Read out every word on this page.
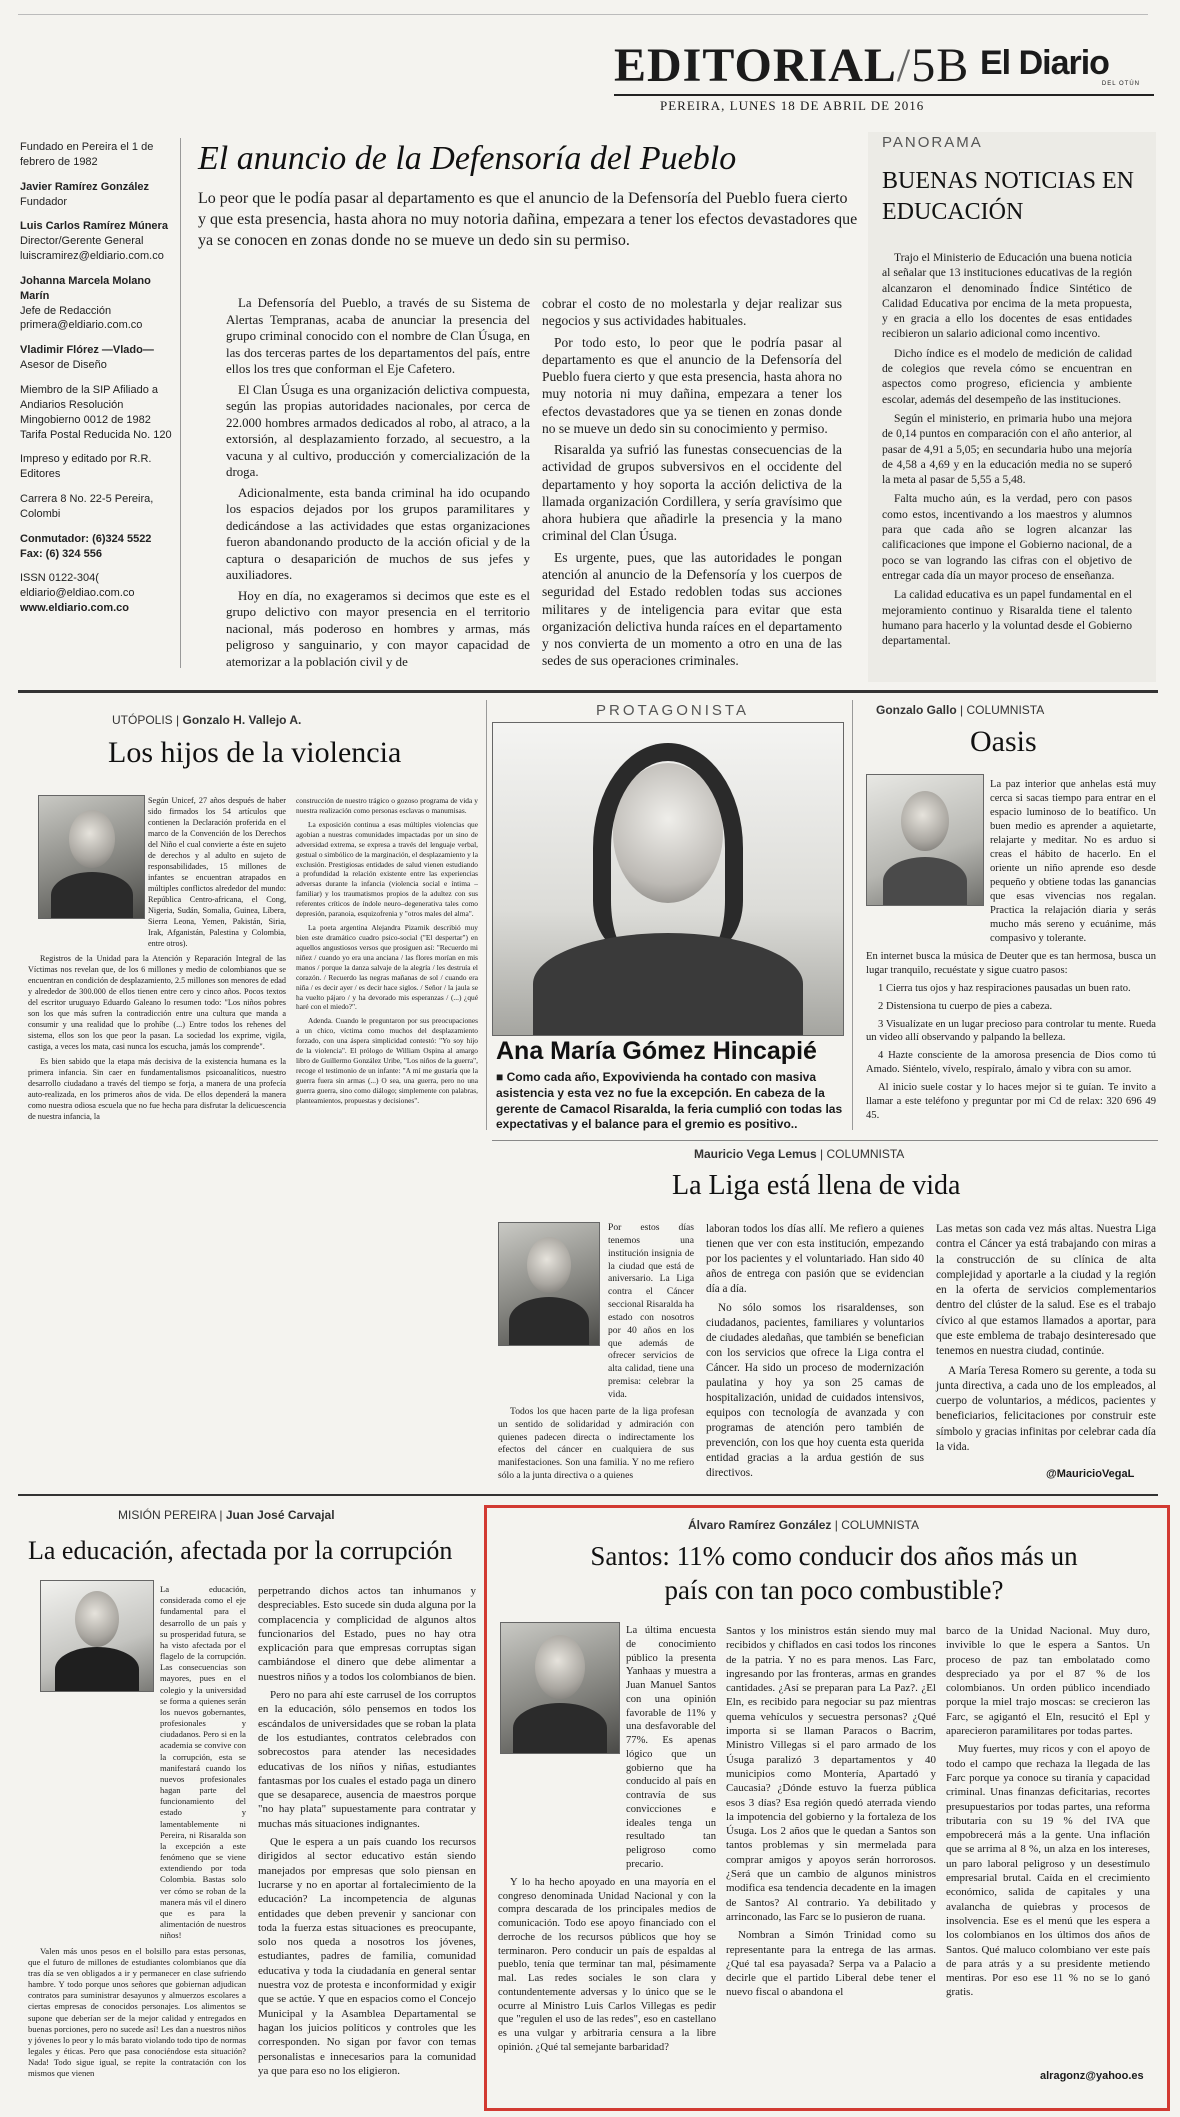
EDITORIAL/5B El Diario
DEL OTÚN
PEREIRA, LUNES 18 DE ABRIL DE 2016
Fundado en Pereira el 1 de febrero de 1982
Javier Ramírez González
Fundador
Luis Carlos Ramírez Múnera
Director/Gerente General
luiscramirez@eldiario.com.co
Johanna Marcela Molano Marín
Jefe de Redacción
primera@eldiario.com.co
Vladimir Flórez —Vlado—
Asesor de Diseño
Miembro de la SIP Afiliado a Andiarios Resolución Mingobierno 0012 de 1982 Tarifa Postal Reducida No. 120
Impreso y editado por R.R. Editores
Carrera 8 No. 22-5 Pereira, Colombi
Conmutador: (6)324 5522
Fax: (6) 324 556
ISSN 0122-304(
eldiario@eldiao.com.co
www.eldiario.com.co
El anuncio de la Defensoría del Pueblo
Lo peor que le podía pasar al departamento es que el anuncio de la Defensoría del Pueblo fuera cierto y que esta presencia, hasta ahora no muy notoria dañina, empezara a tener los efectos devastadores que ya se conocen en zonas donde no se mueve un dedo sin su permiso.

La Defensoría del Pueblo, a través de su Sistema de Alertas Tempranas, acaba de anunciar la presencia del grupo criminal conocido con el nombre de Clan Úsuga, en las dos terceras partes de los departamentos del país, entre ellos los tres que conforman el Eje Cafetero.

El Clan Úsuga es una organización delictiva compuesta, según las propias autoridades nacionales, por cerca de 22.000 hombres armados dedicados al robo, al atraco, a la extorsión, al desplazamiento forzado, al secuestro, a la vacuna y al cultivo, producción y comercialización de la droga.

Adicionalmente, esta banda criminal ha ido ocupando los espacios dejados por los grupos paramilitares y dedicándose a las actividades que estas organizaciones fueron abandonando producto de la acción oficial y de la captura o desaparición de muchos de sus jefes y auxiliadores.

Hoy en día, no exageramos si decimos que este es el grupo delictivo con mayor presencia en el territorio nacional, más poderoso en hombres y armas, más peligroso y sanguinario, y con mayor capacidad de atemorizar a la población civil y de

cobrar el costo de no molestarla y dejar realizar sus negocios y sus actividades habituales.

Por todo esto, lo peor que le podría pasar al departamento es que el anuncio de la Defensoría del Pueblo fuera cierto y que esta presencia, hasta ahora no muy notoria ni muy dañina, empezara a tener los efectos devastadores que ya se tienen en zonas donde no se mueve un dedo sin su conocimiento y permiso.

Risaralda ya sufrió las funestas consecuencias de la actividad de grupos subversivos en el occidente del departamento y hoy soporta la acción delictiva de la llamada organización Cordillera, y sería gravísimo que ahora hubiera que añadirle la presencia y la mano criminal del Clan Úsuga.

Es urgente, pues, que las autoridades le pongan atención al anuncio de la Defensoría y los cuerpos de seguridad del Estado redoblen todas sus acciones militares y de inteligencia para evitar que esta organización delictiva hunda raíces en el departamento y nos convierta de un momento a otro en una de las sedes de sus operaciones criminales.

PANORAMA
BUENAS NOTICIAS EN EDUCACIÓN

Trajo el Ministerio de Educación una buena noticia al señalar que 13 instituciones educativas de la región alcanzaron el denominado Índice Sintético de Calidad Educativa por encima de la meta propuesta, y en gracia a ello los docentes de esas entidades recibieron un salario adicional como incentivo.

Dicho índice es el modelo de medición de calidad de colegios que revela cómo se encuentran en aspectos como progreso, eficiencia y ambiente escolar, además del desempeño de las instituciones.

Según el ministerio, en primaria hubo una mejora de 0,14 puntos en comparación con el año anterior, al pasar de 4,91 a 5,05; en secundaria hubo una mejoría de 4,58 a 4,69 y en la educación media no se superó la meta al pasar de 5,55 a 5,48.

Falta mucho aún, es la verdad, pero con pasos como estos, incentivando a los maestros y alumnos para que cada año se logren alcanzar las calificaciones que impone el Gobierno nacional, de a poco se van logrando las cifras con el objetivo de entregar cada día un mayor proceso de enseñanza.

La calidad educativa es un papel fundamental en el mejoramiento continuo y Risaralda tiene el talento humano para hacerlo y la voluntad desde el Gobierno departamental.

UTÓPOLIS | Gonzalo H. Vallejo A.
Los hijos de la violencia

Según Unicef, 27 años después de haber sido firmados los 54 artículos que contienen la Declaración proferida en el marco de la Convención de los Derechos del Niño el cual convierte a éste en sujeto de derechos y al adulto en sujeto de responsabilidades, 15 millones de infantes se encuentran atrapados en múltiples conflictos alrededor del mundo: República Centro-africana, el Cong, Nigeria, Sudán, Somalia, Guinea, Líbera, Sierra Leona, Yemen, Pakistán, Siria, Irak, Afganistán, Palestina y Colombia, entre otros).

Registros de la Unidad para la Atención y Reparación Integral de las Víctimas nos revelan que, de los 6 millones y medio de colombianos que se encuentran en condición de desplazamiento, 2.5 millones son menores de edad y alrededor de 300.000 de ellos tienen entre cero y cinco años. Pocos textos del escritor uruguayo Eduardo Galeano lo resumen todo: "Los niños pobres son los que más sufren la contradicción entre una cultura que manda a consumir y una realidad que lo prohíbe (...) Entre todos los rehenes del sistema, ellos son los que peor la pasan. La sociedad los exprime, vigila, castiga, a veces los mata, casi nunca los escucha, jamás los comprende".

Es bien sabido que la etapa más decisiva de la existencia humana es la primera infancia. Sin caer en fundamentalismos psicoanalíticos, nuestro desarrollo ciudadano a través del tiempo se forja, a manera de una profecía auto-realizada, en los primeros años de vida. De ellos dependerá la manera como nuestra odiosa escuela que no fue hecha para disfrutar la delicuescencia de nuestra infancia, la

construcción de nuestro trágico o gozoso programa de vida y nuestra realización como personas esclavas o manumisas.

La exposición continua a esas múltiples violencias que agobian a nuestras comunidades impactadas por un sino de adversidad extrema, se expresa a través del lenguaje verbal, gestual o simbólico de la marginación, el desplazamiento y la exclusión. Prestigiosas entidades de salud vienen estudiando a profundidad la relación existente entre las experiencias adversas durante la infancia (violencia social e íntima –familiar) y los traumatismos propios de la adultez con sus referentes críticos de índole neuro–degenerativa tales como depresión, paranoia, esquizofrenia y "otros males del alma".

La poeta argentina Alejandra Pizarnik describió muy bien este dramático cuadro psico-social ("El despertar") en aquellos angustiosos versos que prosiguen así: "Recuerdo mi niñez / cuando yo era una anciana / las flores morían en mis manos / porque la danza salvaje de la alegría / les destruía el corazón. / Recuerdo las negras mañanas de sol / cuando era niña / es decir ayer / es decir hace siglos. / Señor / la jaula se ha vuelto pájaro / y ha devorado mis esperanzas / (...) ¿qué haré con el miedo?".

Adenda. Cuando le preguntaron por sus preocupaciones a un chico, víctima como muchos del desplazamiento forzado, con una áspera simplicidad contestó: "Yo soy hijo de la violencia". El prólogo de William Ospina al amargo libro de Guillermo González Uribe, "Los niños de la guerra", recoge el testimonio de un infante: "A mí me gustaría que la guerra fuera sin armas (...) O sea, una guerra, pero no una guerra guerra, sino como diálogo; simplemente con palabras, planteamientos, propuestas y decisiones".

PROTAGONISTA
Ana María Gómez Hincapié
■ Como cada año, Expovivienda ha contado con masiva asistencia y esta vez no fue la excepción. En cabeza de la gerente de Camacol Risaralda, la feria cumplió con todas las expectativas y el balance para el gremio es positivo..
Gonzalo Gallo | COLUMNISTA
Oasis

La paz interior que anhelas está muy cerca si sacas tiempo para entrar en el espacio luminoso de lo beatífico. Un buen medio es aprender a aquietarte, relajarte y meditar. No es arduo si creas el hábito de hacerlo. En el oriente un niño aprende eso desde pequeño y obtiene todas las ganancias que esas vivencias nos regalan. Practica la relajación diaria y serás mucho más sereno y ecuánime, más compasivo y tolerante.

En internet busca la música de Deuter que es tan hermosa, busca un lugar tranquilo, recuéstate y sigue cuatro pasos:

1 Cierra tus ojos y haz respiraciones pausadas un buen rato.

2 Distensiona tu cuerpo de pies a cabeza.

3 Visualízate en un lugar precioso para controlar tu mente. Rueda un video allí observando y palpando la belleza.

4 Hazte consciente de la amorosa presencia de Dios como tú Amado. Siéntelo, vívelo, respíralo, ámalo y vibra con su amor.

Al inicio suele costar y lo haces mejor si te guían. Te invito a llamar a este teléfono y preguntar por mi Cd de relax: 320 696 49 45.

Mauricio Vega Lemus | COLUMNISTA
La Liga está llena de vida

Por estos días tenemos una institución insignia de la ciudad que está de aniversario. La Liga contra el Cáncer seccional Risaralda ha estado con nosotros por 40 años en los que además de ofrecer servicios de alta calidad, tiene una premisa: celebrar la vida.

Todos los que hacen parte de la liga profesan un sentido de solidaridad y admiración con quienes padecen directa o indirectamente los efectos del cáncer en cualquiera de sus manifestaciones. Son una familia. Y no me refiero sólo a la junta directiva o a quienes

laboran todos los días allí. Me refiero a quienes tienen que ver con esta institución, empezando por los pacientes y el voluntariado. Han sido 40 años de entrega con pasión que se evidencian día a día.

No sólo somos los risaraldenses, son ciudadanos, pacientes, familiares y voluntarios de ciudades aledañas, que también se benefician con los servicios que ofrece la Liga contra el Cáncer. Ha sido un proceso de modernización paulatina y hoy ya son 25 camas de hospitalización, unidad de cuidados intensivos, equipos con tecnología de avanzada y con programas de atención pero también de prevención, con los que hoy cuenta esta querida entidad gracias a la ardua gestión de sus directivos.

Las metas son cada vez más altas. Nuestra Liga contra el Cáncer ya está trabajando con miras a la construcción de su clínica de alta complejidad y aportarle a la ciudad y la región en la oferta de servicios complementarios dentro del clúster de la salud. Ese es el trabajo cívico al que estamos llamados a aportar, para que este emblema de trabajo desinteresado que tenemos en nuestra ciudad, continúe.

A María Teresa Romero su gerente, a toda su junta directiva, a cada uno de los empleados, al cuerpo de voluntarios, a médicos, pacientes y beneficiarios, felicitaciones por construir este símbolo y gracias infinitas por celebrar cada día la vida.

@MauricioVegaL
MISIÓN PEREIRA | Juan José Carvajal
La educación, afectada por la corrupción

La educación, considerada como el eje fundamental para el desarrollo de un país y su prosperidad futura, se ha visto afectada por el flagelo de la corrupción. Las consecuencias son mayores, pues en el colegio y la universidad se forma a quienes serán los nuevos gobernantes, profesionales y ciudadanos. Pero si en la academia se convive con la corrupción, esta se manifestará cuando los nuevos profesionales hagan parte del funcionamiento del estado y lamentablemente ni Pereira, ni Risaralda son la excepción a este fenómeno que se viene extendiendo por toda Colombia. Bastas solo ver cómo se roban de la manera más vil el dinero que es para la alimentación de nuestros niños!

Valen más unos pesos en el bolsillo para estas personas, que el futuro de millones de estudiantes colombianos que día tras día se ven obligados a ir y permanecer en clase sufriendo hambre. Y todo porque unos señores que gobiernan adjudican contratos para suministrar desayunos y almuerzos escolares a ciertas empresas de conocidos personajes. Los alimentos se supone que deberían ser de la mejor calidad y entregados en buenas porciones, pero no sucede así! Les dan a nuestros niños y jóvenes lo peor y lo más barato violando todo tipo de normas legales y éticas. Pero que pasa conociéndose esta situación? Nada! Todo sigue igual, se repite la contratación con los mismos que vienen

perpetrando dichos actos tan inhumanos y despreciables. Esto sucede sin duda alguna por la complacencia y complicidad de algunos altos funcionarios del Estado, pues no hay otra explicación para que empresas corruptas sigan cambiándose el dinero que debe alimentar a nuestros niños y a todos los colombianos de bien.

Pero no para ahí este carrusel de los corruptos en la educación, sólo pensemos en todos los escándalos de universidades que se roban la plata de los estudiantes, contratos celebrados con sobrecostos para atender las necesidades educativas de los niños y niñas, estudiantes fantasmas por los cuales el estado paga un dinero que se desaparece, ausencia de maestros porque "no hay plata" supuestamente para contratar y muchas más situaciones indignantes.

Que le espera a un país cuando los recursos dirigidos al sector educativo están siendo manejados por empresas que solo piensan en lucrarse y no en aportar al fortalecimiento de la educación? La incompetencia de algunas entidades que deben prevenir y sancionar con toda la fuerza estas situaciones es preocupante, solo nos queda a nosotros los jóvenes, estudiantes, padres de familia, comunidad educativa y toda la ciudadanía en general sentar nuestra voz de protesta e inconformidad y exigir que se actúe. Y que en espacios como el Concejo Municipal y la Asamblea Departamental se hagan los juicios políticos y controles que les corresponden. No sigan por favor con temas personalistas e innecesarios para la comunidad ya que para eso no los eligieron.

Álvaro Ramírez González | COLUMNISTA
Santos: 11% como conducir dos años más un país con tan poco combustible?

La última encuesta de conocimiento público la presenta Yanhaas y muestra a Juan Manuel Santos con una opinión favorable de 11% y una desfavorable del 77%. Es apenas lógico que un gobierno que ha conducido al país en contravía de sus convicciones e ideales tenga un resultado tan peligroso como precario.

Y lo ha hecho apoyado en una mayoría en el congreso denominada Unidad Nacional y con la compra descarada de los principales medios de comunicación. Todo ese apoyo financiado con el derroche de los recursos públicos que hoy se terminaron. Pero conducir un país de espaldas al pueblo, tenía que terminar tan mal, pésimamente mal. Las redes sociales le son clara y contundentemente adversas y lo único que se le ocurre al Ministro Luis Carlos Villegas es pedir que "regulen el uso de las redes", eso en castellano es una vulgar y arbitraria censura a la libre opinión. ¿Qué tal semejante barbaridad?

Santos y los ministros están siendo muy mal recibidos y chiflados en casi todos los rincones de la patria. Y no es para menos. Las Farc, ingresando por las fronteras, armas en grandes cantidades. ¿Así se preparan para La Paz?. ¿El Eln, es recibido para negociar su paz mientras quema vehículos y secuestra personas? ¿Qué importa si se llaman Paracos o Bacrim, Ministro Villegas si el paro armado de los Úsuga paralizó 3 departamentos y 40 municipios como Montería, Apartadó y Caucasia? ¿Dónde estuvo la fuerza pública esos 3 días? Esa región quedó aterrada viendo la impotencia del gobierno y la fortaleza de los Úsuga. Los 2 años que le quedan a Santos son tantos problemas y sin mermelada para comprar amigos y apoyos serán horrorosos. ¿Será que un cambio de algunos ministros modifica esa tendencia decadente en la imagen de Santos? Al contrario. Ya debilitado y arrinconado, las Farc se lo pusieron de ruana.

Nombran a Simón Trinidad como su representante para la entrega de las armas. ¿Qué tal esa payasada? Serpa va a Palacio a decirle que el partido Liberal debe tener el nuevo fiscal o abandona el

barco de la Unidad Nacional. Muy duro, invivible lo que le espera a Santos. Un proceso de paz tan embolatado como despreciado ya por el 87 % de los colombianos. Un orden público incendiado porque la miel trajo moscas: se crecieron las Farc, se agigantó el Eln, resucitó el Epl y aparecieron paramilitares por todas partes.

Muy fuertes, muy ricos y con el apoyo de todo el campo que rechaza la llegada de las Farc porque ya conoce su tiranía y capacidad criminal. Unas finanzas deficitarias, recortes presupuestarios por todas partes, una reforma tributaria con su 19 % del IVA que empobrecerá más a la gente. Una inflación que se arrima al 8 %, un alza en los intereses, un paro laboral peligroso y un desestímulo empresarial brutal. Caída en el crecimiento económico, salida de capitales y una avalancha de quiebras y procesos de insolvencia. Ese es el menú que les espera a los colombianos en los últimos dos años de Santos. Qué maluco colombiano ver este país de para atrás y a su presidente metiendo mentiras. Por eso ese 11 % no se lo ganó gratis.

alragonz@yahoo.es
